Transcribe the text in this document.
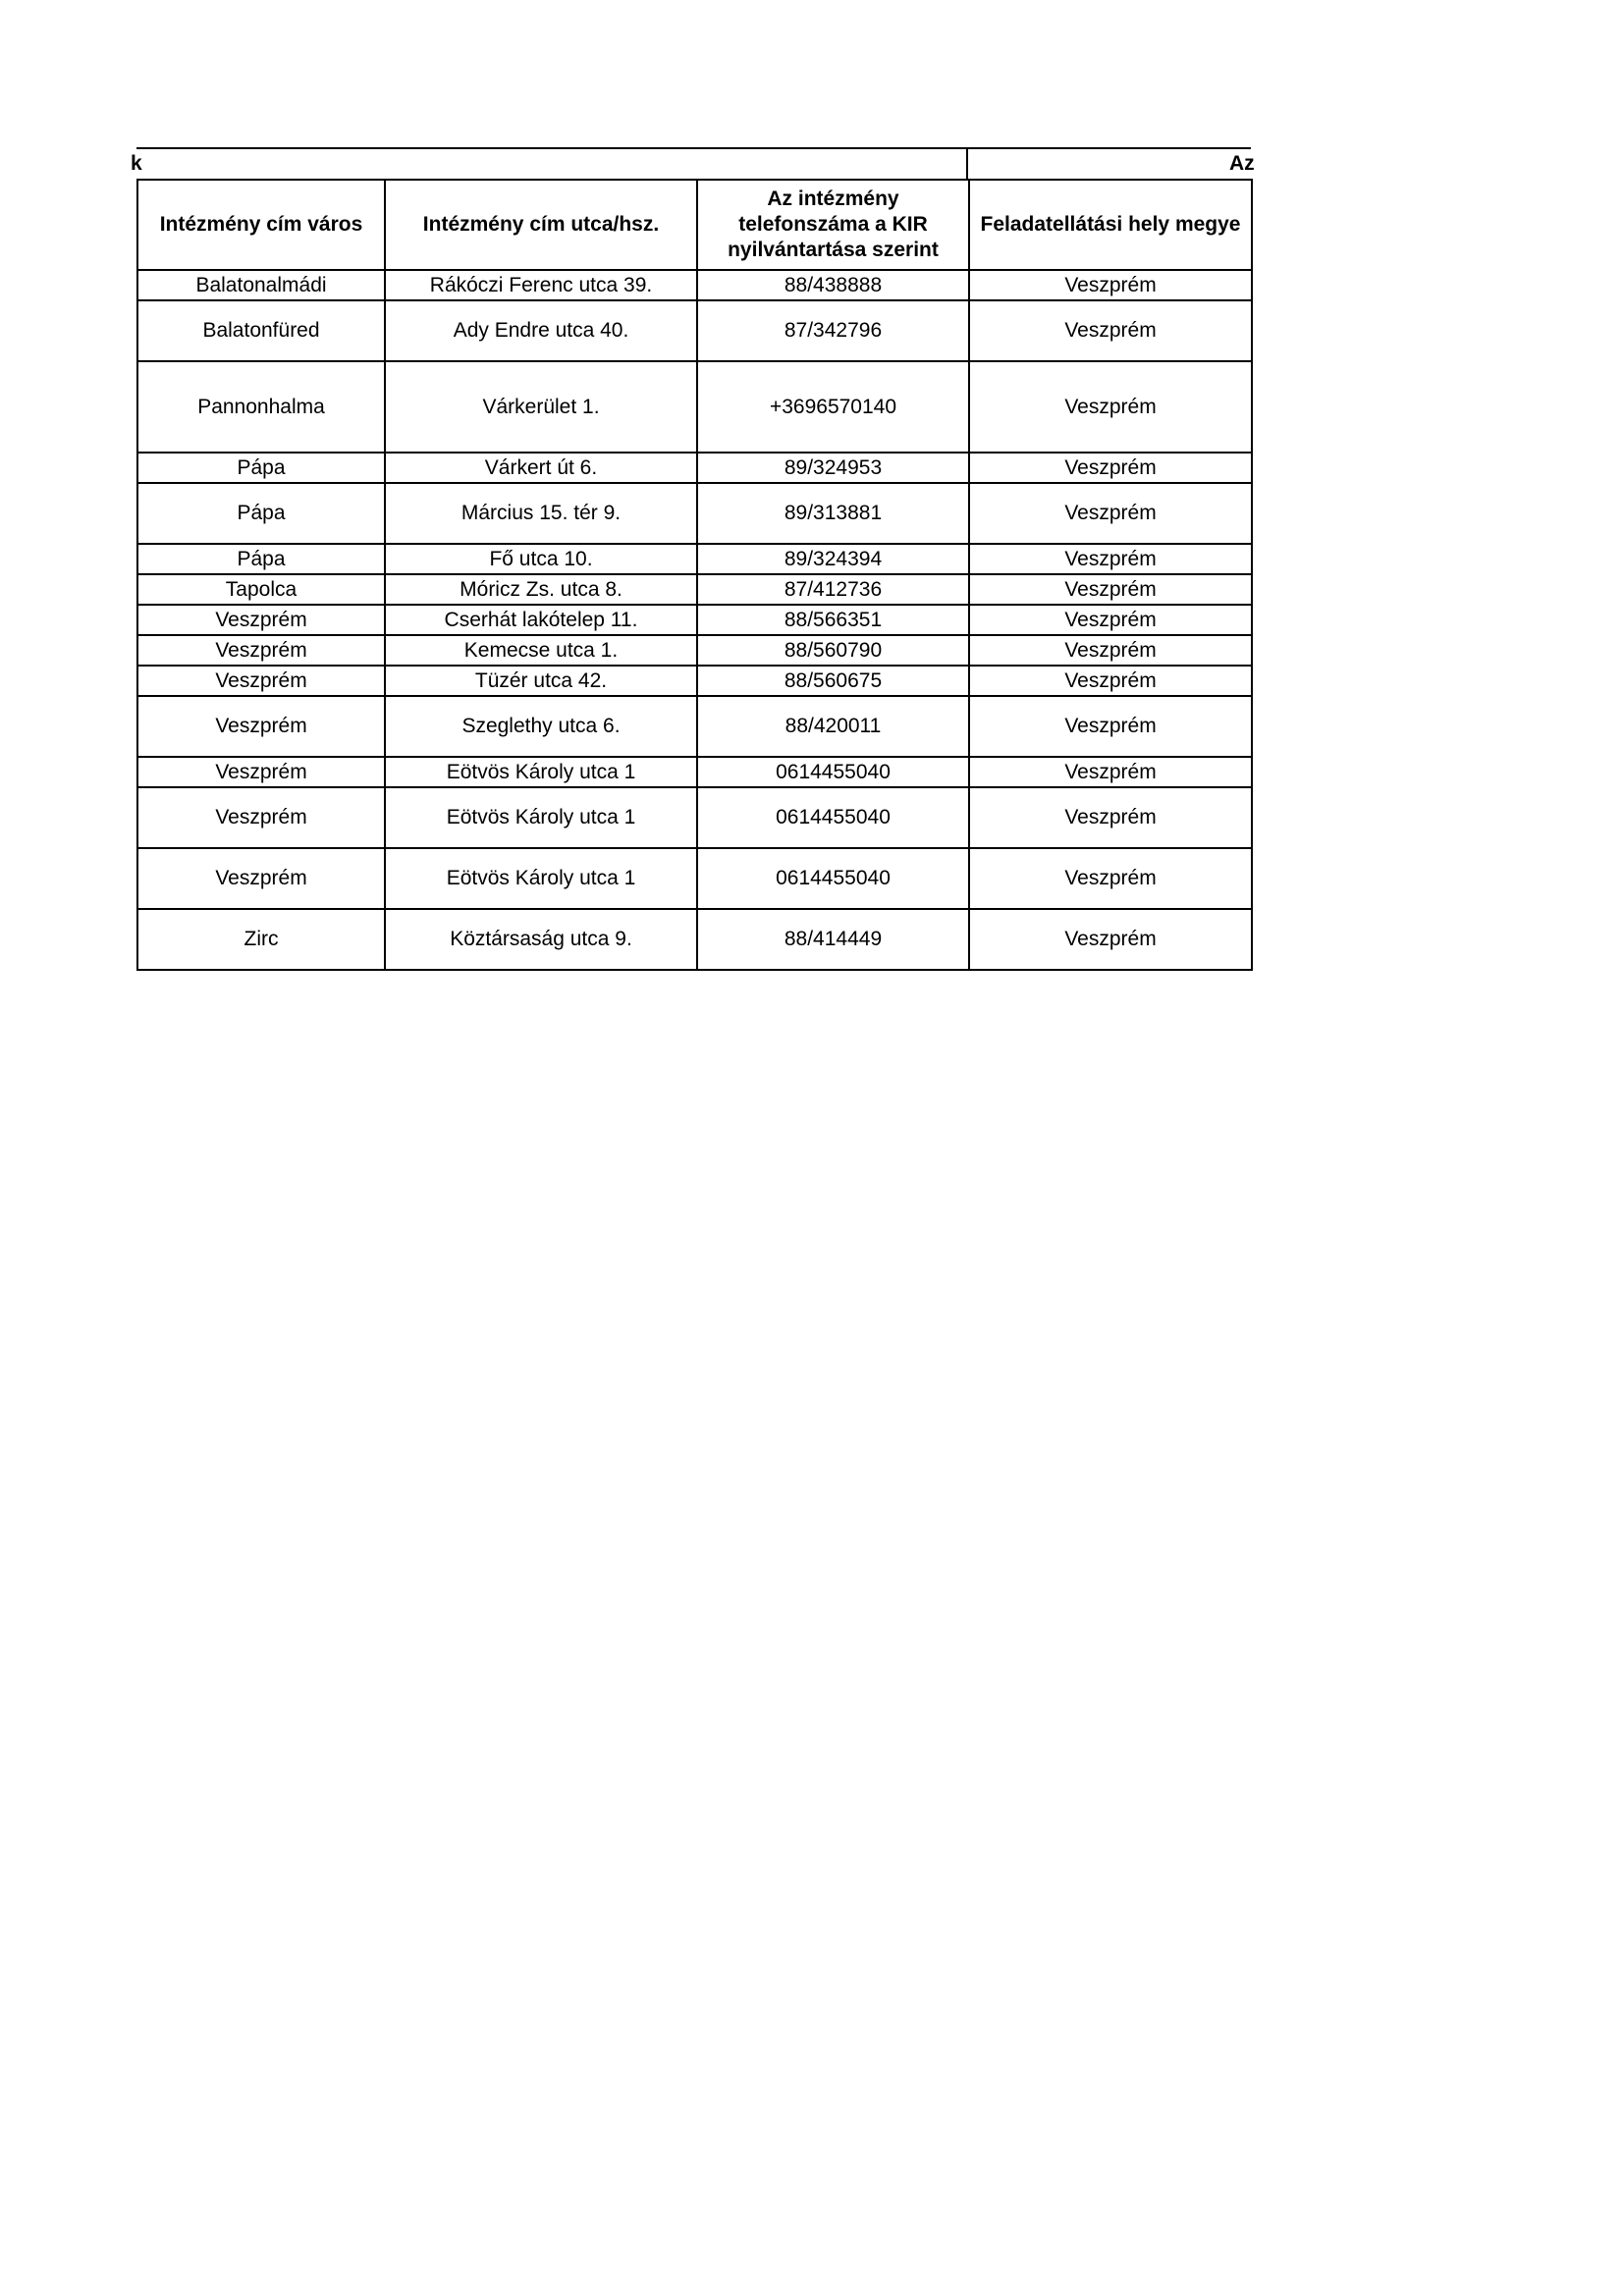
k	Az
Intézmény cím város	Intézmény cím utca/hsz.	Az intézmény telefonszáma a KIR nyilvántartása szerint	Feladatellátási hely megye
Balatonalmádi	Rákóczi Ferenc utca 39.	88/438888	Veszprém
Balatonfüred	Ady Endre utca 40.	87/342796	Veszprém
Pannonhalma	Várkerület 1.	+3696570140	Veszprém
Pápa	Várkert út 6.	89/324953	Veszprém
Pápa	Március 15. tér 9.	89/313881	Veszprém
Pápa	Fő utca 10.	89/324394	Veszprém
Tapolca	Móricz Zs. utca 8.	87/412736	Veszprém
Veszprém	Cserhát lakótelep 11.	88/566351	Veszprém
Veszprém	Kemecse utca 1.	88/560790	Veszprém
Veszprém	Tüzér utca 42.	88/560675	Veszprém
Veszprém	Szeglethy utca 6.	88/420011	Veszprém
Veszprém	Eötvös Károly utca 1	0614455040	Veszprém
Veszprém	Eötvös Károly utca 1	0614455040	Veszprém
Veszprém	Eötvös Károly utca 1	0614455040	Veszprém
Zirc	Köztársaság utca 9.	88/414449	Veszprém
